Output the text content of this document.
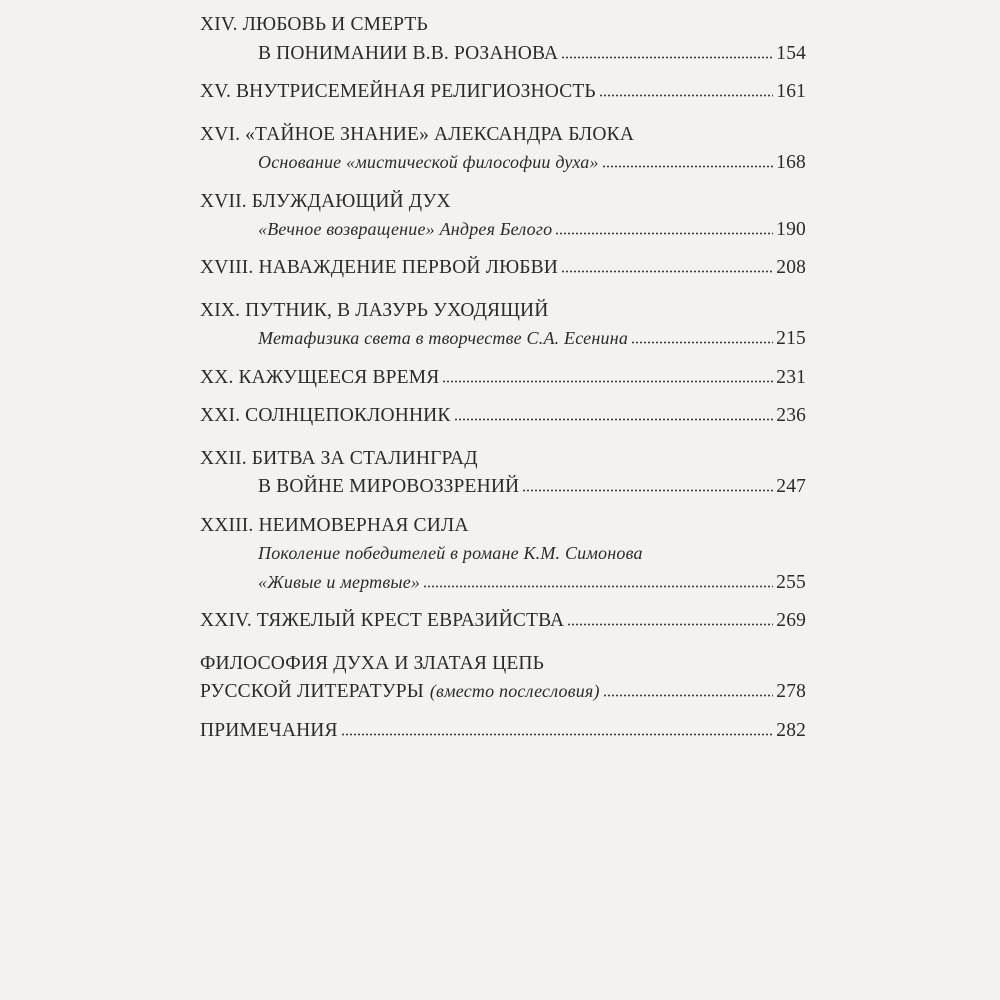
XIV. ЛЮБОВЬ И СМЕРТЬ
В ПОНИМАНИИ В.В. РОЗАНОВА	154
XV. ВНУТРИСЕМЕЙНАЯ РЕЛИГИОЗНОСТЬ	161
XVI. «ТАЙНОЕ ЗНАНИЕ» АЛЕКСАНДРА БЛОКА
Основание «мистической философии духа»	168
XVII. БЛУЖДАЮЩИЙ ДУХ
«Вечное возвращение» Андрея Белого	190
XVIII. НАВАЖДЕНИЕ ПЕРВОЙ ЛЮБВИ	208
XIX. ПУТНИК, В ЛАЗУРЬ УХОДЯЩИЙ
Метафизика света в творчестве С.А. Есенина	215
XX. КАЖУЩЕЕСЯ ВРЕМЯ	231
XXI. СОЛНЦЕПОКЛОННИК	236
XXII. БИТВА ЗА СТАЛИНГРАД
В ВОЙНЕ МИРОВОЗЗРЕНИЙ	247
XXIII. НЕИМОВЕРНАЯ СИЛА
Поколение победителей в романе К.М. Симонова
«Живые и мертвые»	255
XXIV. ТЯЖЕЛЫЙ КРЕСТ ЕВРАЗИЙСТВА	269
ФИЛОСОФИЯ ДУХА И ЗЛАТАЯ ЦЕПЬ
РУССКОЙ ЛИТЕРАТУРЫ (вместо послесловия)	278
ПРИМЕЧАНИЯ	282
